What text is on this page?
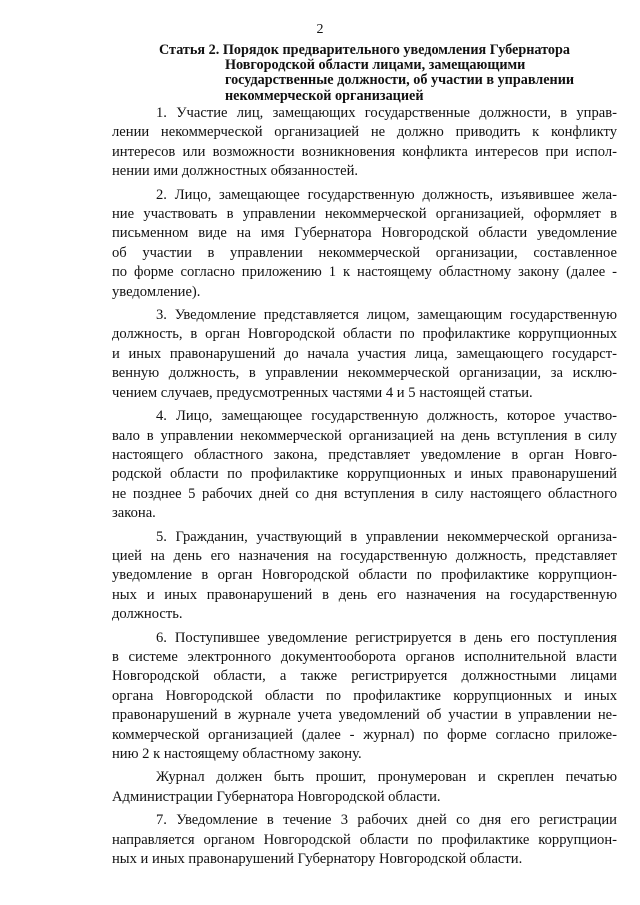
2
Статья 2. Порядок предварительного уведомления Губернатора
Новгородской области лицами, замещающими
государственные должности, об участии в управлении
некоммерческой организацией
1. Участие лиц, замещающих государственные должности, в управ-
лении некоммерческой организацией не должно приводить к конфликту
интересов или возможности возникновения конфликта интересов при испол-
нении ими должностных обязанностей.
2. Лицо, замещающее государственную должность, изъявившее жела-
ние участвовать в управлении некоммерческой организацией, оформляет в
письменном виде на имя Губернатора Новгородской области уведомление
об участии в управлении некоммерческой организации, составленное
по форме согласно приложению 1 к настоящему областному закону (далее -
уведомление).
3. Уведомление представляется лицом, замещающим государственную
должность, в орган Новгородской области по профилактике коррупционных
и иных правонарушений до начала участия лица, замещающего государст-
венную должность, в управлении некоммерческой организации, за исклю-
чением случаев, предусмотренных частями 4 и 5 настоящей статьи.
4. Лицо, замещающее государственную должность, которое участво-
вало в управлении некоммерческой организацией на день вступления в силу
настоящего областного закона, представляет уведомление в орган Новго-
родской области по профилактике коррупционных и иных правонарушений
не позднее 5 рабочих дней со дня вступления в силу настоящего областного
закона.
5. Гражданин, участвующий в управлении некоммерческой организа-
цией на день его назначения на государственную должность, представляет
уведомление в орган Новгородской области по профилактике коррупцион-
ных и иных правонарушений в день его назначения на государственную
должность.
6. Поступившее уведомление регистрируется в день его поступления
в системе электронного документооборота органов исполнительной власти
Новгородской области, а также регистрируется должностными лицами
органа Новгородской области по профилактике коррупционных и иных
правонарушений в журнале учета уведомлений об участии в управлении не-
коммерческой организацией (далее - журнал) по форме согласно приложе-
нию 2 к настоящему областному закону.
Журнал должен быть прошит, пронумерован и скреплен печатью
Администрации Губернатора Новгородской области.
7. Уведомление в течение 3 рабочих дней со дня его регистрации
направляется органом Новгородской области по профилактике коррупцион-
ных и иных правонарушений Губернатору Новгородской области.
